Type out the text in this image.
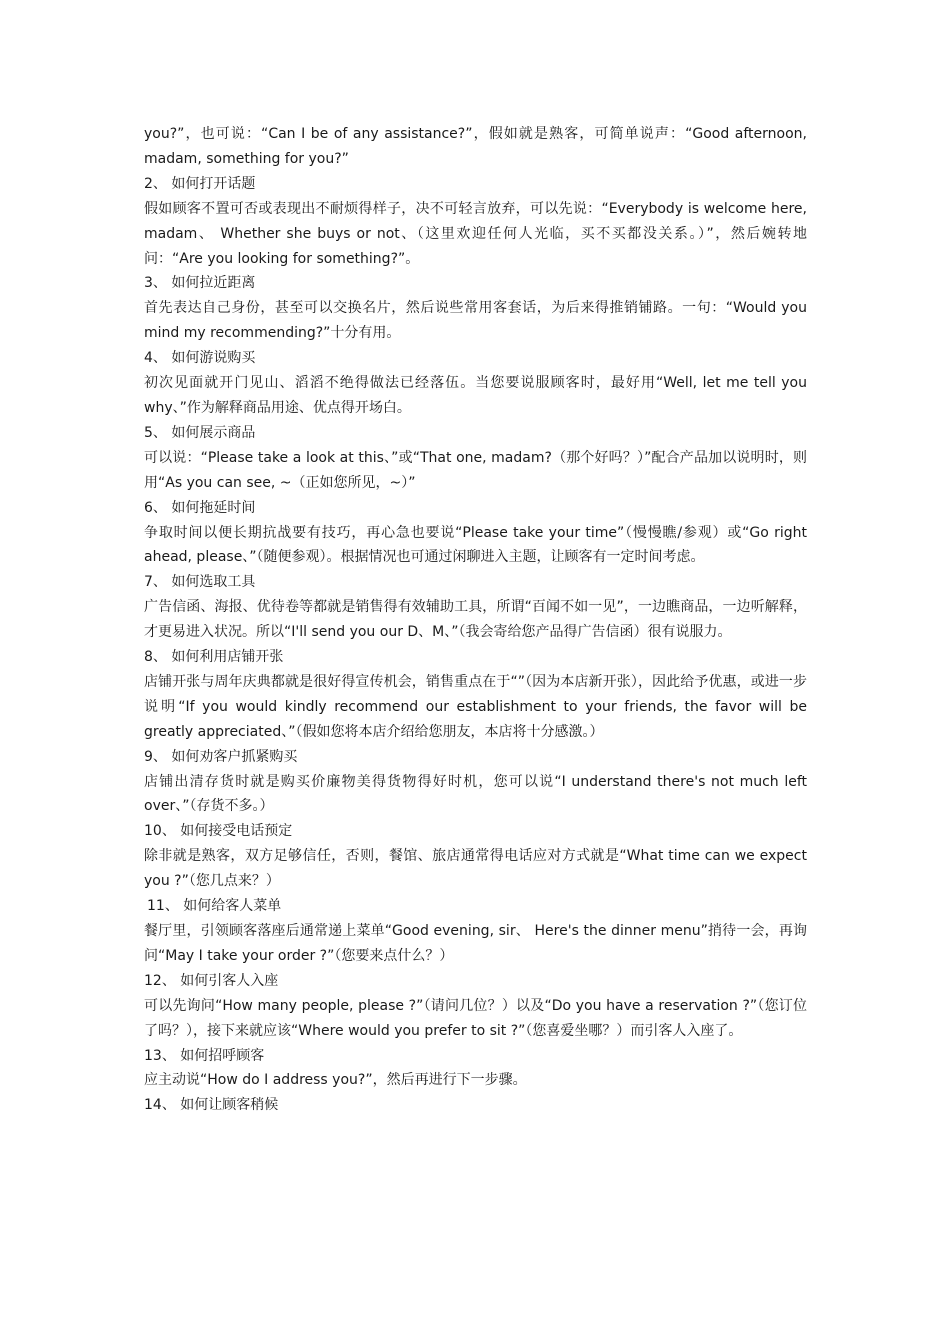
you?”，也可说：“Can I be of any assistance?”，假如就是熟客，可简单说声：“Good afternoon, madam, something for you?”

2、 如何打开话题

假如顾客不置可否或表现出不耐烦得样子，决不可轻言放弃，可以先说：“Everybody is welcome here, madam、 Whether she buys or not、（这里欢迎任何人光临，买不买都没关系。）”，然后婉转地问：“Are you looking for something?”。

3、 如何拉近距离

首先表达自己身份，甚至可以交换名片，然后说些常用客套话，为后来得推销铺路。一句：“Would you mind my recommending?”十分有用。

4、 如何游说购买

初次见面就开门见山、滔滔不绝得做法已经落伍。当您要说服顾客时，最好用“Well, let me tell you why、”作为解释商品用途、优点得开场白。

5、 如何展示商品

可以说：“Please take a look at this、”或“That one, madam?（那个好吗？）”配合产品加以说明时，则用“As you can see, ~（正如您所见，~）”

6、 如何拖延时间

争取时间以便长期抗战要有技巧，再心急也要说“Please take your time”（慢慢瞧/参观）或“Go right ahead, please、”（随便参观）。根据情况也可通过闲聊进入主题，让顾客有一定时间考虑。

7、 如何选取工具

广告信函、海报、优待卷等都就是销售得有效辅助工具，所谓“百闻不如一见”，一边瞧商品，一边听解释，才更易进入状况。所以“I'll send you our D、M、”（我会寄给您产品得广告信函）很有说服力。

8、 如何利用店铺开张

店铺开张与周年庆典都就是很好得宣传机会，销售重点在于“”（因为本店新开张），因此给予优惠，或进一步说明“If you would kindly recommend our establishment to your friends, the favor will be greatly appreciated、”（假如您将本店介绍给您朋友，本店将十分感激。）

9、 如何劝客户抓紧购买

店铺出清存货时就是购买价廉物美得货物得好时机，您可以说“I understand there's not much left over、”（存货不多。）

10、 如何接受电话预定

除非就是熟客，双方足够信任，否则，餐馆、旅店通常得电话应对方式就是“What time can we expect you ?”（您几点来？）

11、 如何给客人菜单

餐厅里，引领顾客落座后通常递上菜单“Good evening, sir、 Here's the dinner menu”捎待一会，再询问“May I take your order ?”（您要来点什么？）

12、 如何引客人入座

可以先询问“How many people, please ?”（请问几位？）以及“Do you have a reservation ?”（您订位了吗？），接下来就应该“Where would you prefer to sit ?”（您喜爱坐哪？）而引客人入座了。

13、 如何招呼顾客

应主动说“How do I address you?”，然后再进行下一步骤。

14、 如何让顾客稍候
